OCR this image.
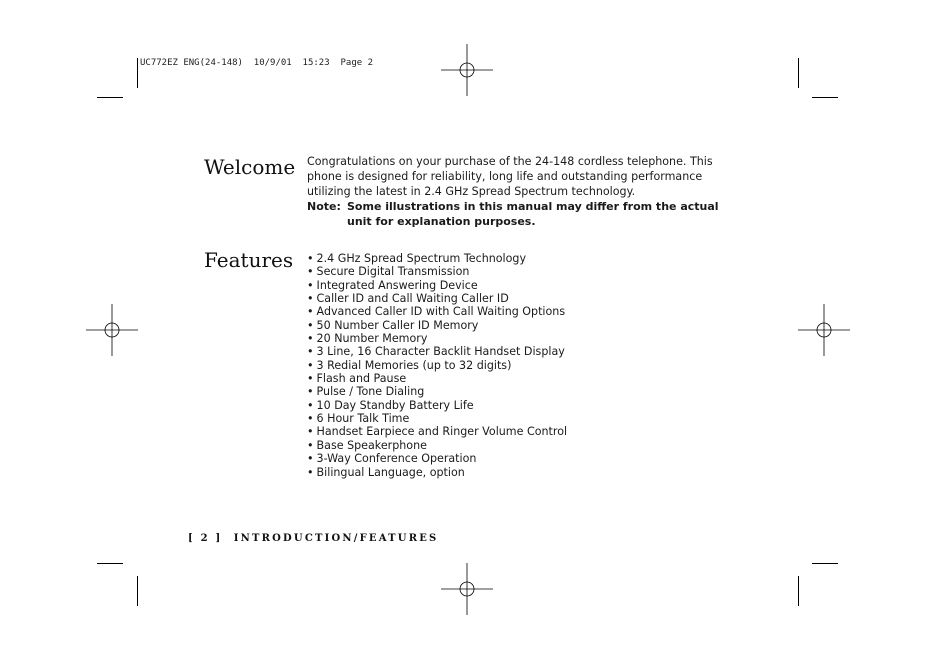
UC772EZ ENG(24-148)  10/9/01  15:23  Page 2
Welcome Congratulations on your purchase of the 24-148 cordless telephone. This

phone is designed for reliability, long life and outstanding performance

utilizing the latest in 2.4 GHz Spread Spectrum technology.

Note: Some illustrations in this manual may differ from the actual unit for explanation purposes.
Features
•	2.4 GHz Spread Spectrum Technology
• Secure Digital Transmission
• Integrated Answering Device
• Caller ID and Call Waiting Caller ID
• Advanced Caller ID with Call Waiting Options
• 50 Number Caller ID Memory
• 20 Number Memory
• 3 Line, 16 Character Backlit Handset Display
• 3 Redial Memories (up to 32 digits)
• Flash and Pause
• Pulse / Tone Dialing
• 10 Day Standby Battery Life
• 6 Hour Talk Time
• Handset Earpiece and Ringer Volume Control
• Base Speakerphone
• 3-Way Conference Operation
• Bilingual Language, option
[ 2 ] INTRODUCTION/FEATURES
